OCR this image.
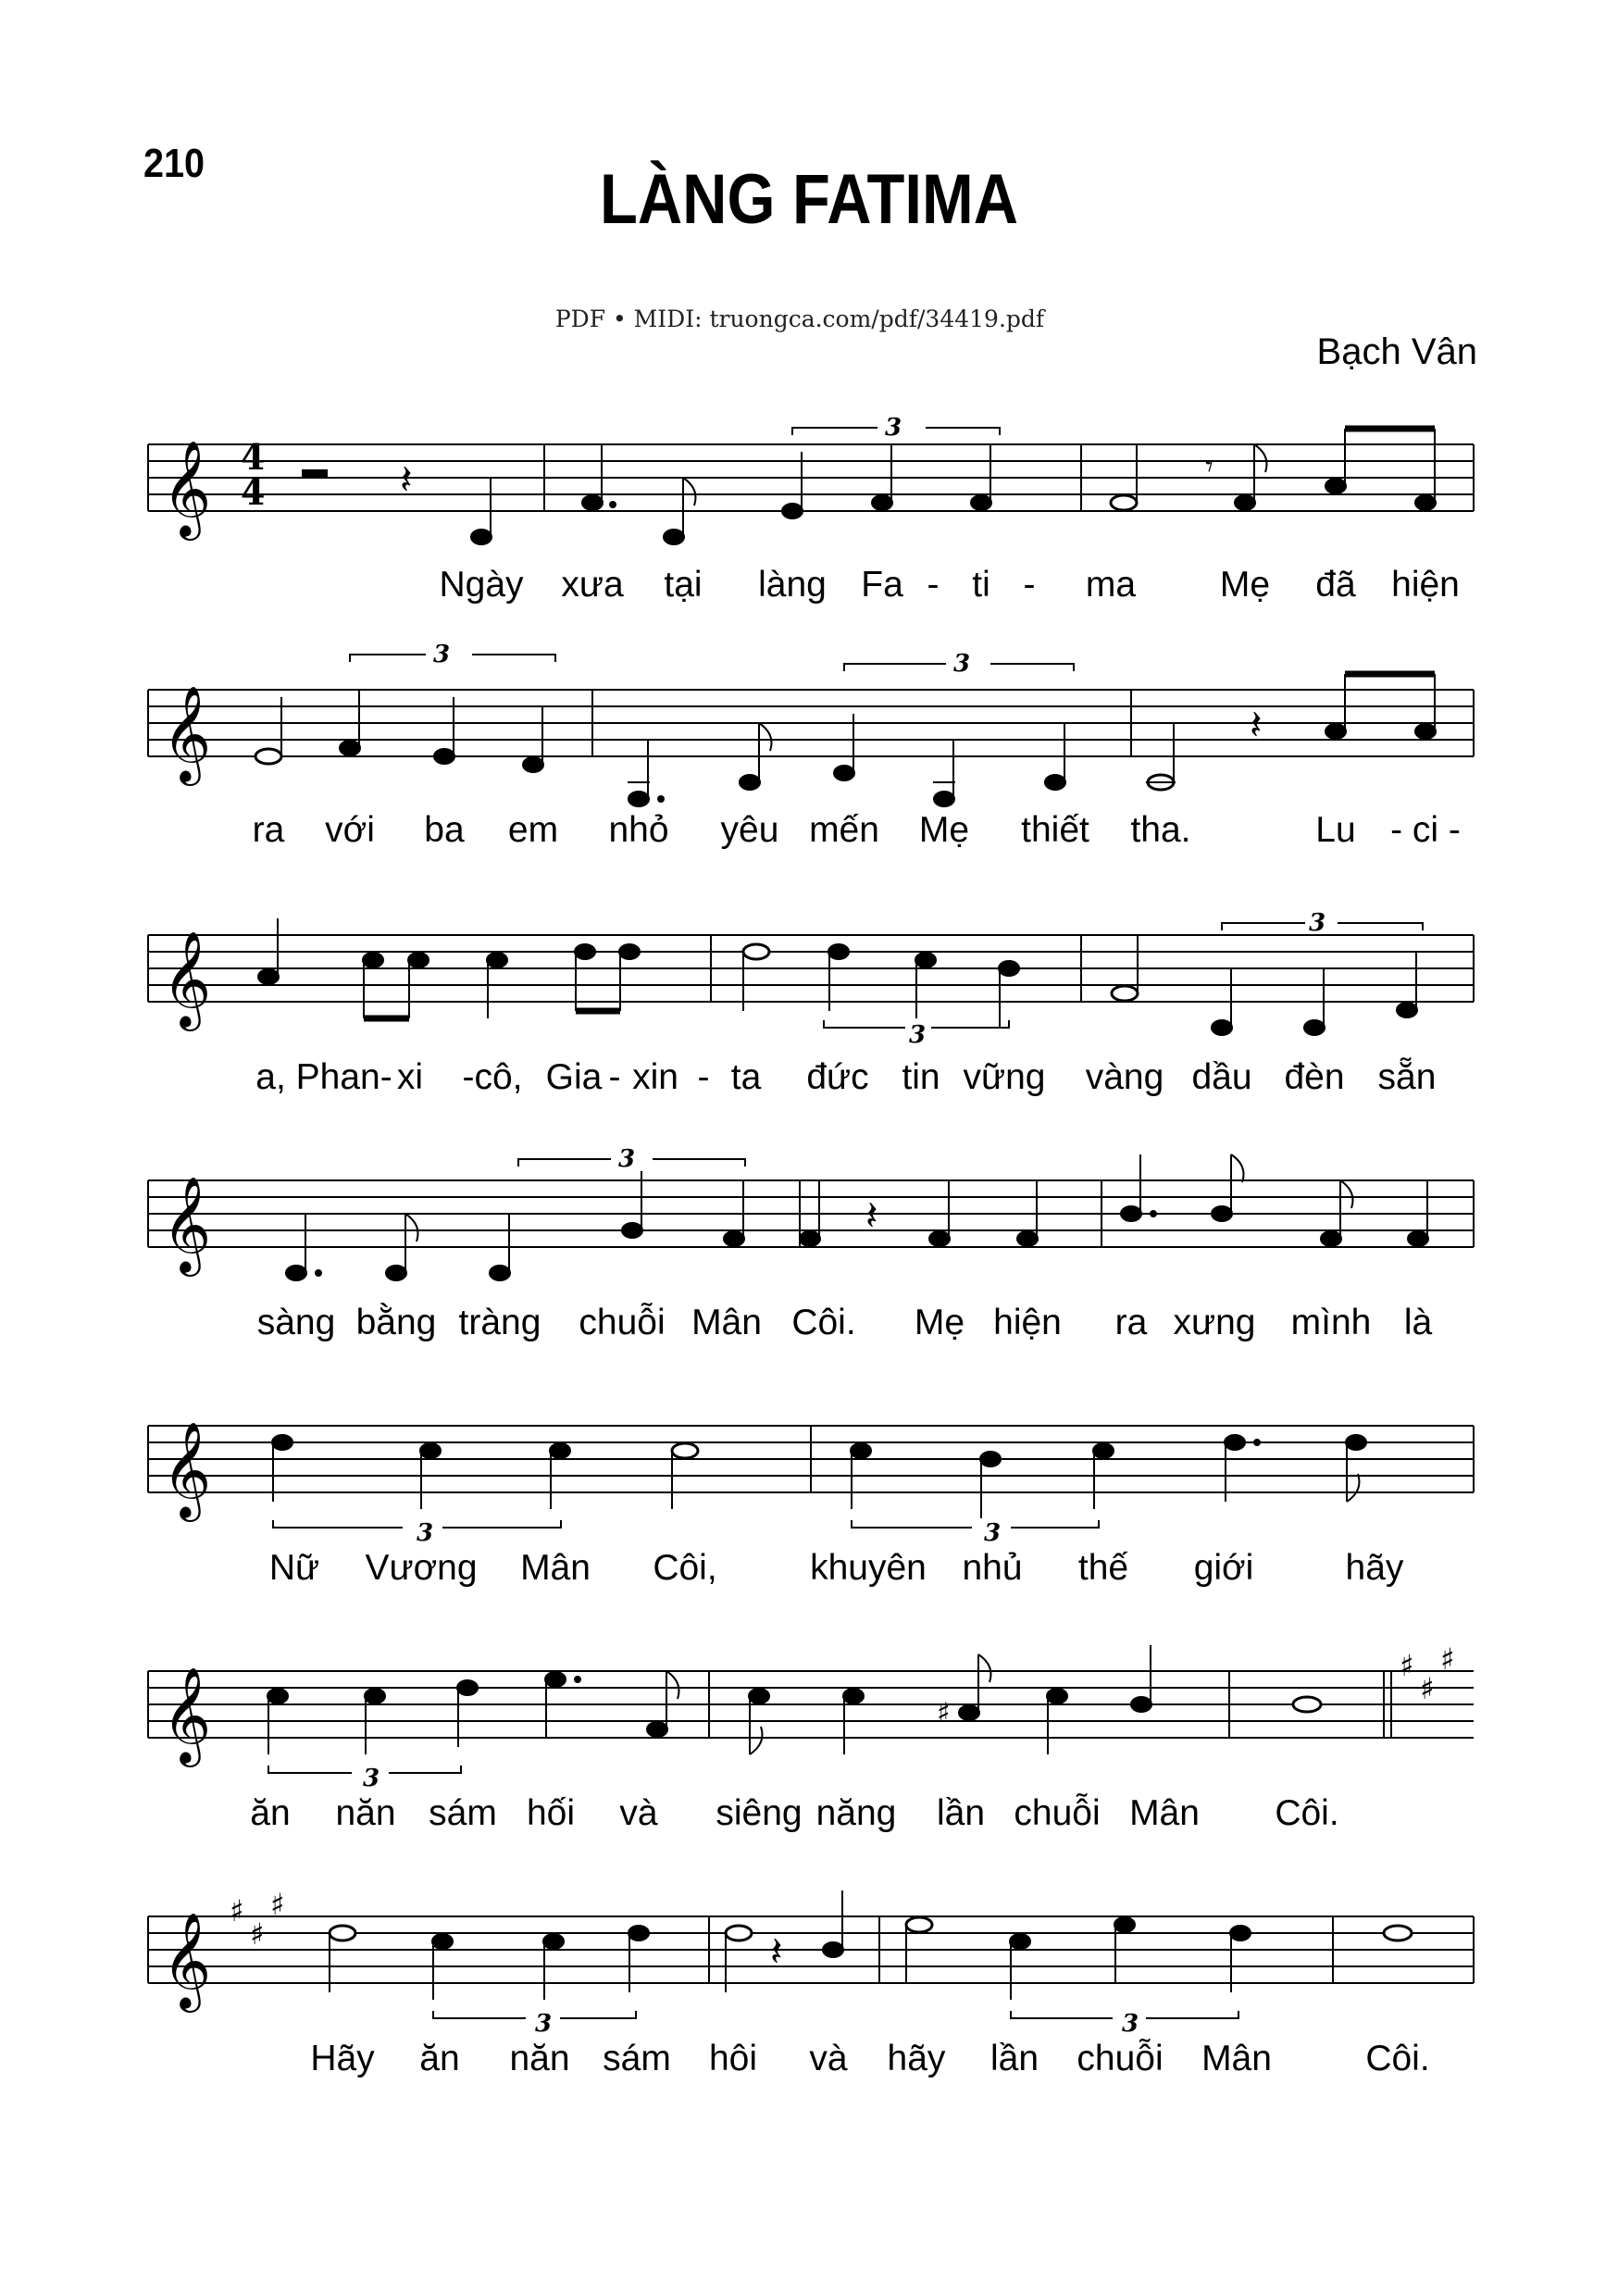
210	LÀNG FATIMA
PDF • MIDI: truongca.com/pdf/34419.pdf
Bạch Vân
𝄞 4
4	𝄽	𝄾
3
Ngày xưa tại làng Fa - ti - ma Mẹ đã hiện
𝄞	𝄽
3	3
ra với ba em nhỏ yêu mến Mẹ thiết tha.	Lu - ci -
𝄞
3
3
a, Phan- xi -cô, Gia - xin - ta đức tin vững vàng dầu đèn sẵn
𝄞	𝄽
3
sàng bằng tràng chuỗi Mân Côi. Mẹ hiện ra xưng mình là
𝄞
3	3
Nữ Vương Mân Côi,	khuyên nhủ thế giới	hãy
𝄞	♯
3
♯
♯
♯
ăn năn sám hối và siêng năng lần chuỗi Mân Côi.
𝄞
♯
♯
♯
𝄽
3	3
Hãy ăn năn sám hôi và hãy lần chuỗi Mân	Côi.
